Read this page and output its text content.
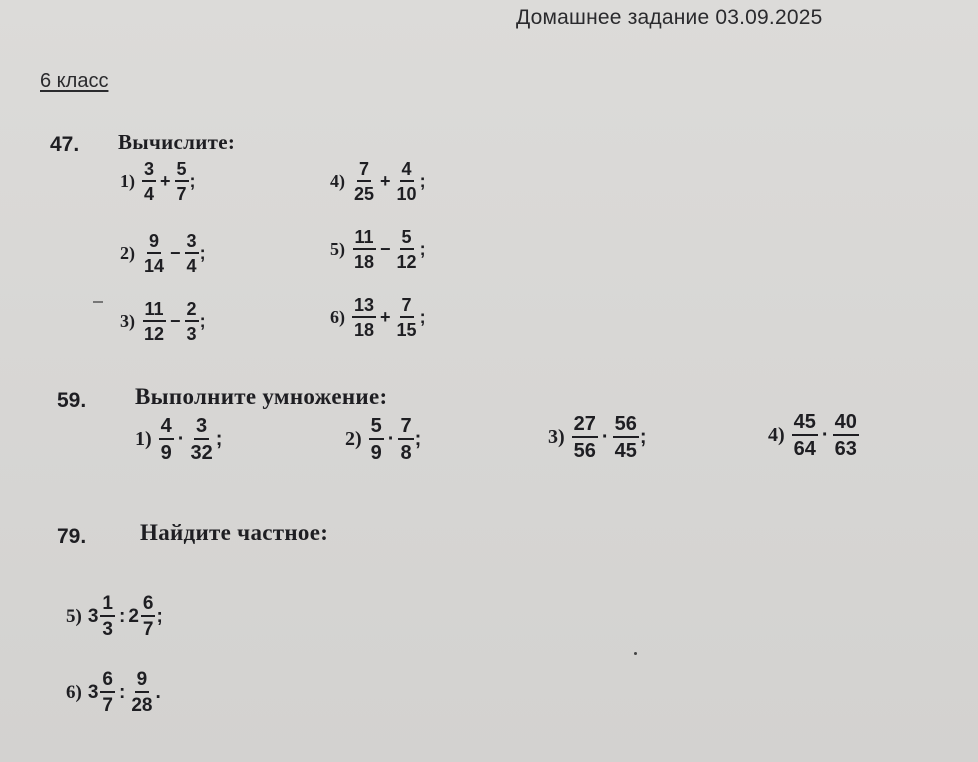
Домашнее задание 03.09.2025
6 класс
47. Вычислите:
$1) \frac{3}{4} + \frac{5}{7}$ ;
$2) \frac{9}{14} - \frac{3}{4}$ ;
$3) \frac{11}{12} - \frac{2}{3}$ ;
$4) \frac{7}{25} + \frac{4}{10}$ ;
$5) \frac{11}{18} - \frac{5}{12}$ ;
$6) \frac{13}{18} + \frac{7}{15}$ ;
59. Выполните умножение:
$1) \frac{4}{9} \cdot \frac{3}{32}$ ;	$2) \frac{5}{9} \cdot \frac{7}{8}$ ;	$3) \frac{27}{56} \cdot \frac{56}{45}$ ;	$4) \frac{45}{64} \cdot \frac{40}{63}$
79. Найдите частное:
5) $3 \frac{1}{3}$ : $2 \frac{6}{7}$ ;
6) $3 \frac{6}{7}$ : $\frac{9}{28}$ .
